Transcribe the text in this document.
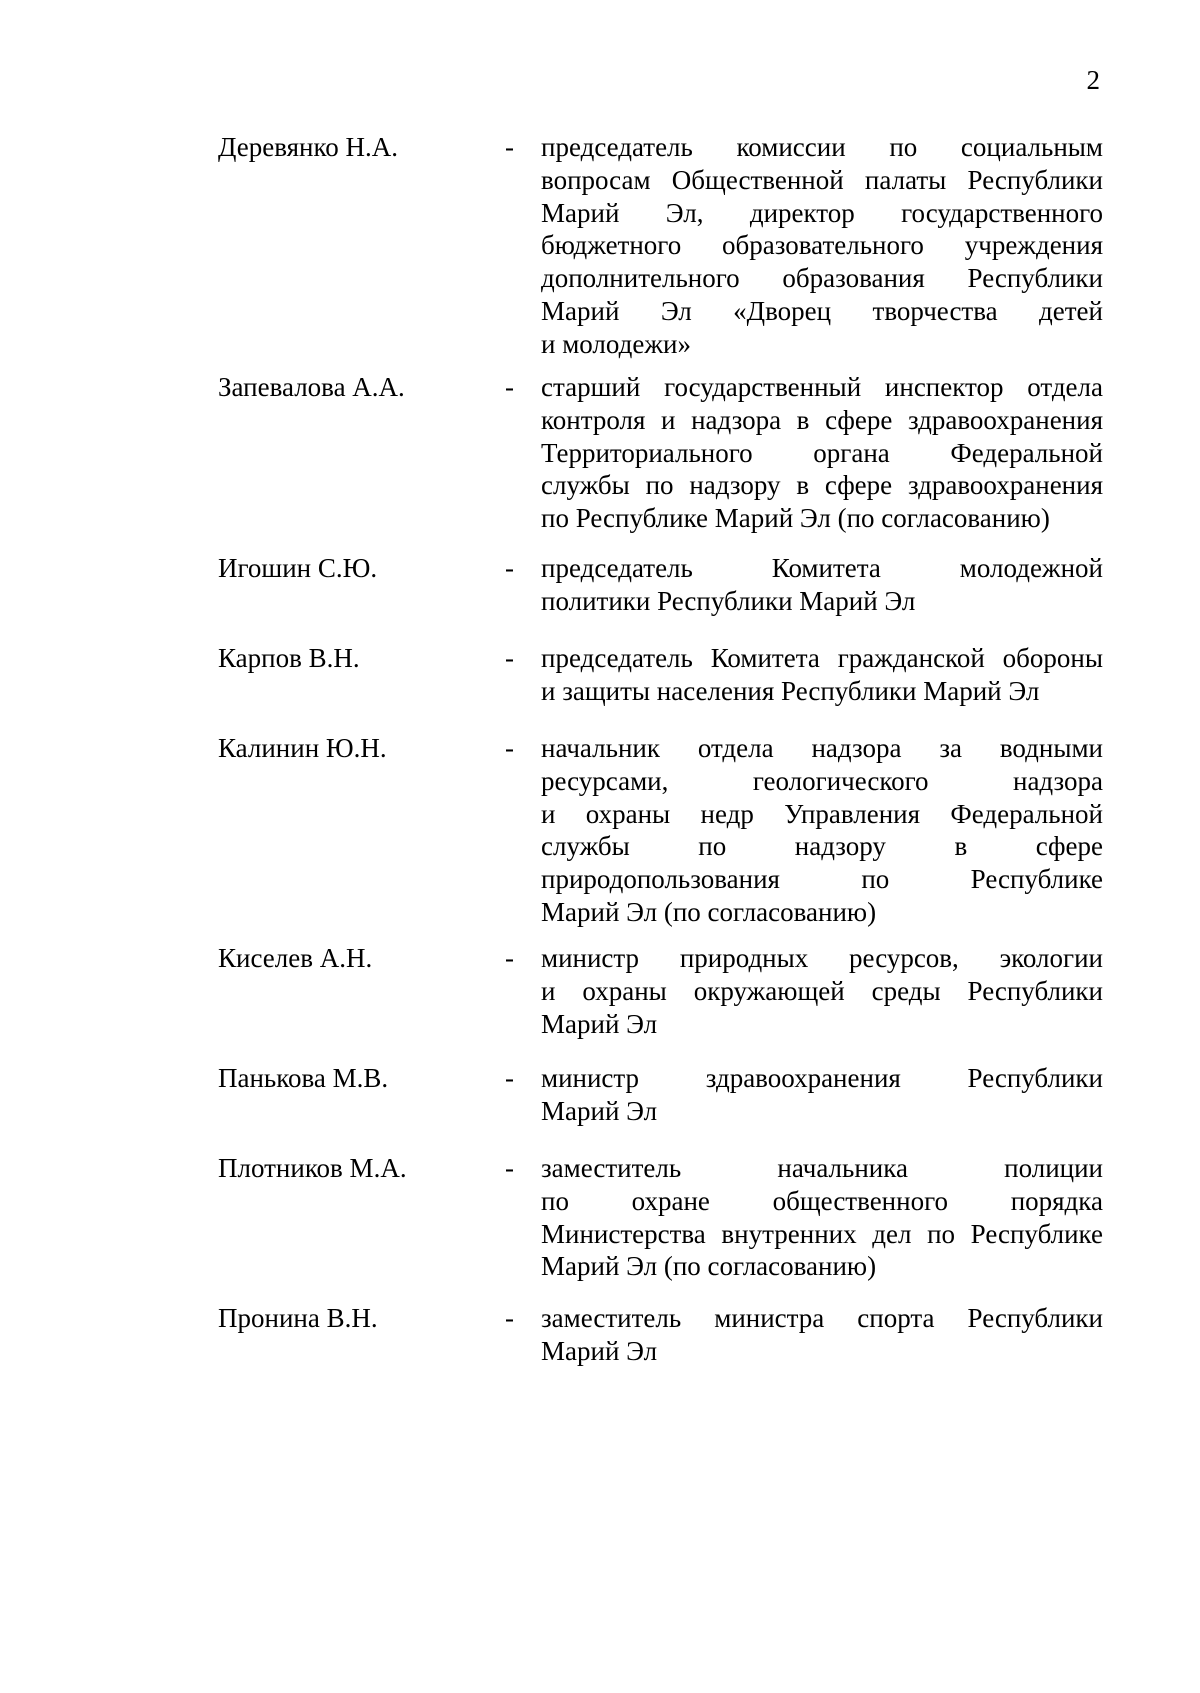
2
Деревянко Н.А.	- председатель комиссии по социальным
вопросам Общественной палаты Республики
Марий Эл, директор государственного
бюджетного образовательного учреждения
дополнительного образования Республики
Марий Эл «Дворец творчества детей
и молодежи»
Запевалова А.А.	- старший государственный инспектор отдела
контроля и надзора в сфере здравоохранения
Территориального органа Федеральной
службы по надзору в сфере здравоохранения
по Республике Марий Эл (по согласованию)
Игошин С.Ю.	- председатель Комитета молодежной
политики Республики Марий Эл
Карпов В.Н.	- председатель Комитета гражданской обороны
и защиты населения Республики Марий Эл
Калинин Ю.Н.	- начальник отдела надзора за водными
ресурсами, геологического надзора
и охраны недр Управления Федеральной
службы по надзору в сфере
природопользования по Республике
Марий Эл (по согласованию)
Киселев А.Н.	- министр природных ресурсов, экологии
и охраны окружающей среды Республики
Марий Эл
Панькова М.В.	- министр здравоохранения Республики
Марий Эл
Плотников М.А.	- заместитель начальника полиции
по охране общественного порядка
Министерства внутренних дел по Республике
Марий Эл (по согласованию)
Пронина В.Н.	- заместитель министра спорта Республики
Марий Эл
